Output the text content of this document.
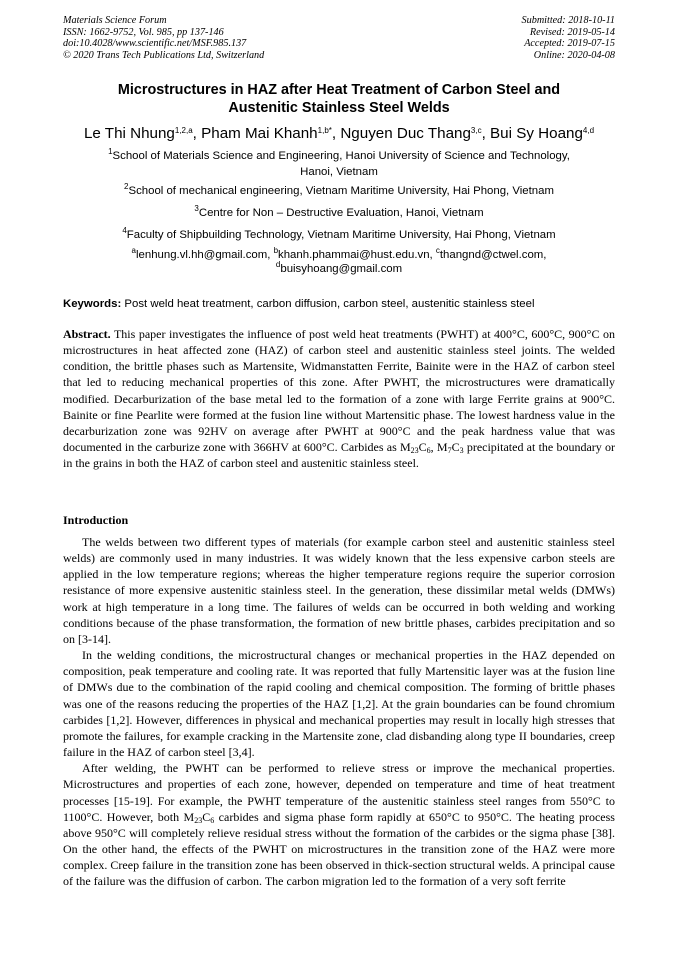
Materials Science Forum
ISSN: 1662-9752, Vol. 985, pp 137-146
doi:10.4028/www.scientific.net/MSF.985.137
© 2020 Trans Tech Publications Ltd, Switzerland
Submitted: 2018-10-11
Revised: 2019-05-14
Accepted: 2019-07-15
Online: 2020-04-08
Microstructures in HAZ after Heat Treatment of Carbon Steel and
Austenitic Stainless Steel Welds
Le Thi Nhung$^{1,2,a}$, Pham Mai Khanh$^{1,b*}$, Nguyen Duc Thang$^{3,c}$, Bui Sy Hoang$^{4,d}$
$^1$School of Materials Science and Engineering, Hanoi University of Science and Technology,
Hanoi, Vietnam
$^2$School of mechanical engineering, Vietnam Maritime University, Hai Phong, Vietnam
$^3$Centre for Non – Destructive Evaluation, Hanoi, Vietnam
$^4$Faculty of Shipbuilding Technology, Vietnam Maritime University, Hai Phong, Vietnam
$^a$lenhung.vl.hh@gmail.com, $^b$khanh.phammai@hust.edu.vn, $^c$thangnd@ctwel.com,
$^d$buisyhoang@gmail.com
Keywords: Post weld heat treatment, carbon diffusion, carbon steel, austenitic stainless steel
Abstract. This paper investigates the influence of post weld heat treatments (PWHT) at 400°C, 600°C, 900°C on microstructures in heat affected zone (HAZ) of carbon steel and austenitic stainless steel joints. The welded condition, the brittle phases such as Martensite, Widmanstatten Ferrite, Bainite were in the HAZ of carbon steel that led to reducing mechanical properties of this zone. After PWHT, the microstructures were dramatically modified. Decarburization of the base metal led to the formation of a zone with large Ferrite grains at 900°C. Bainite or fine Pearlite were formed at the fusion line without Martensitic phase. The lowest hardness value in the decarburization zone was 92HV on average after PWHT at 900°C and the peak hardness value that was documented in the carburize zone with 366HV at 600°C. Carbides as $M_{23}C_6$, $M_7C_3$ precipitated at the boundary or in the grains in both the HAZ of carbon steel and austenitic stainless steel.
Introduction

The welds between two different types of materials (for example carbon steel and austenitic stainless steel welds) are commonly used in many industries. It was widely known that the less expensive carbon steels are applied in the low temperature regions; whereas the higher temperature regions require the superior corrosion resistance of more expensive austenitic stainless steel. In the generation, these dissimilar metal welds (DMWs) work at high temperature in a long time. The failures of welds can be occurred in both welding and working conditions because of the phase transformation, the formation of new brittle phases, carbides precipitation and so on [3-14].

In the welding conditions, the microstructural changes or mechanical properties in the HAZ depended on composition, peak temperature and cooling rate. It was reported that fully Martensitic layer was at the fusion line of DMWs due to the combination of the rapid cooling and chemical composition. The forming of brittle phases was one of the reasons reducing the properties of the HAZ [1,2]. At the grain boundaries can be found chromium carbides [1,2]. However, differences in physical and mechanical properties may result in locally high stresses that promote the failures, for example cracking in the Martensite zone, clad disbanding along type II boundaries, creep failure in the HAZ of carbon steel [3,4].

After welding, the PWHT can be performed to relieve stress or improve the mechanical properties. Microstructures and properties of each zone, however, depended on temperature and time of heat treatment processes [15-19]. For example, the PWHT temperature of the austenitic stainless steel ranges from 550°C to 1100°C. However, both $M_{23}C_6$ carbides and sigma phase form rapidly at 650°C to 950°C. The heating process above 950°C will completely relieve residual stress without the formation of the carbides or the sigma phase [38]. On the other hand, the effects of the PWHT on microstructures in the transition zone of the HAZ were more complex. Creep failure in the transition zone has been observed in thick-section structural welds. A principal cause of the failure was the diffusion of carbon. The carbon migration led to the formation of a very soft ferrite
